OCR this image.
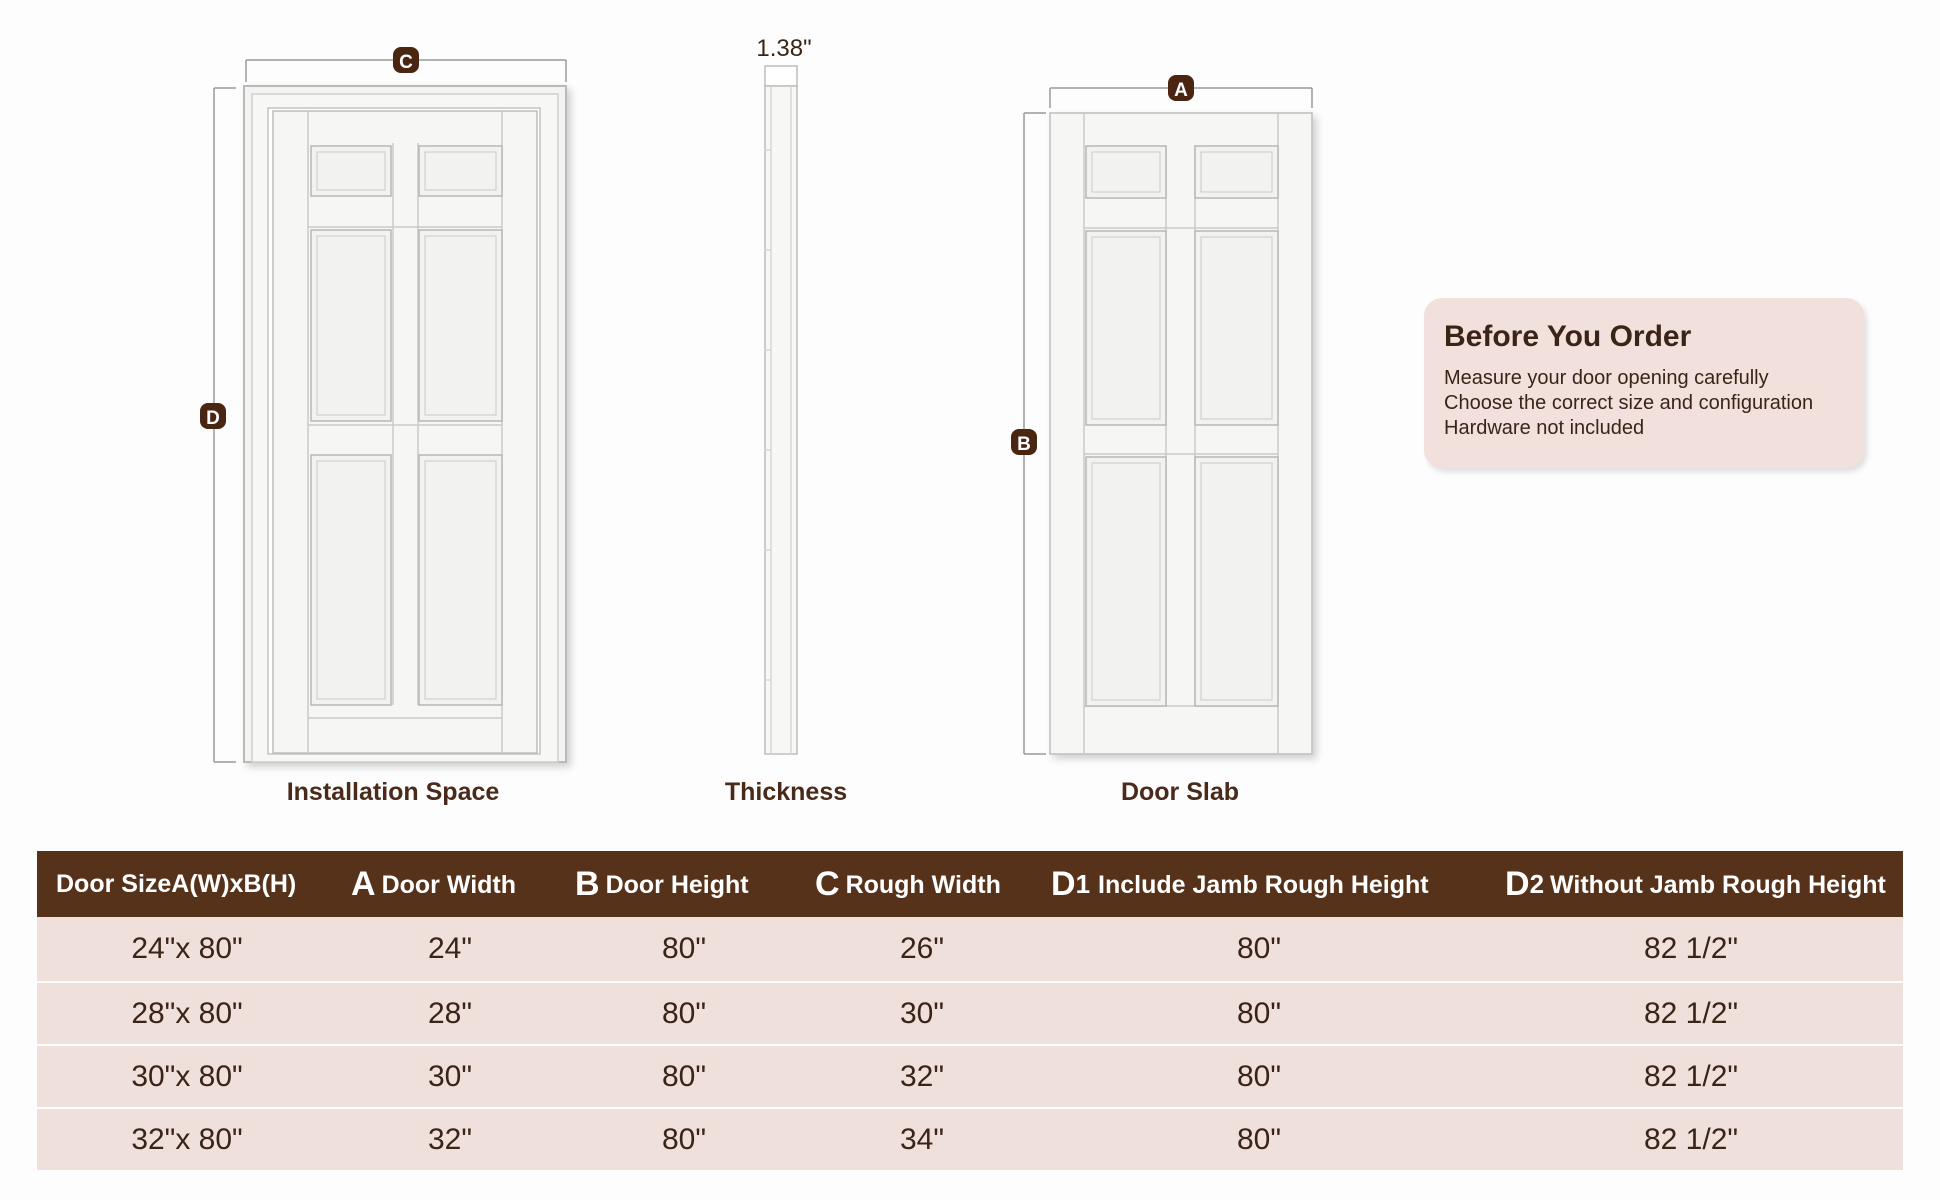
1.38"
C
D
A
B
Installation Space	Thickness	Door Slab
Before You Order
Measure your door opening carefully
Choose the correct size and configuration
Hardware not included
Door SizeA(W)xB(H)	A Door Width	B Door Height	C Rough Width	D1 Include Jamb Rough Height	D2 Without Jamb Rough Height
24"x 80"	24"	80"	26"	80"	82 1/2"
28"x 80"	28"	80"	30"	80"	82 1/2"
30"x 80"	30"	80"	32"	80"	82 1/2"
32"x 80"	32"	80"	34"	80"	82 1/2"
